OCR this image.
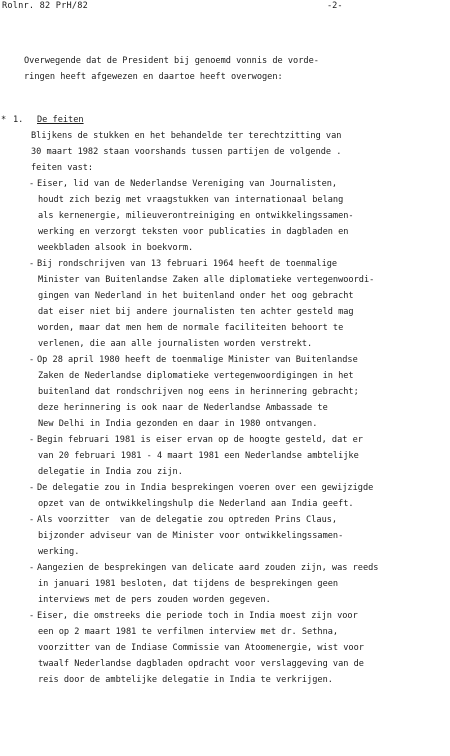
Rolnr. 82 PrH/82	-2-
Overwegende dat de President bij genoemd vonnis de vorde-
ringen heeft afgewezen en daartoe heeft overwogen:
* 1. De feiten
Blijkens de stukken en het behandelde ter terechtzitting van
30 maart 1982 staan voorshands tussen partijen de volgende .
feiten vast:
- Eiser, lid van de Nederlandse Vereniging van Journalisten,
houdt zich bezig met vraagstukken van internationaal belang
als kernenergie, milieuverontreiniging en ontwikkelingssamen-
werking en verzorgt teksten voor publicaties in dagbladen en
weekbladen alsook in boekvorm.
- Bij rondschrijven van 13 februari 1964 heeft de toenmalige
Minister van Buitenlandse Zaken alle diplomatieke vertegenwoordi-
gingen van Nederland in het buitenland onder het oog gebracht
dat eiser niet bij andere journalisten ten achter gesteld mag
worden, maar dat men hem de normale faciliteiten behoort te
verlenen, die aan alle journalisten worden verstrekt.
- Op 28 april 1980 heeft de toenmalige Minister van Buitenlandse
Zaken de Nederlandse diplomatieke vertegenwoordigingen in het
buitenland dat rondschrijven nog eens in herinnering gebracht;
deze herinnering is ook naar de Nederlandse Ambassade te
New Delhi in India gezonden en daar in 1980 ontvangen.
- Begin februari 1981 is eiser ervan op de hoogte gesteld, dat er
van 20 februari 1981 - 4 maart 1981 een Nederlandse ambtelijke
delegatie in India zou zijn.
- De delegatie zou in India besprekingen voeren over een gewijzigde
opzet van de ontwikkelingshulp die Nederland aan India geeft.
- Als voorzitter  van de delegatie zou optreden Prins Claus,
bijzonder adviseur van de Minister voor ontwikkelingssamen-
werking.
- Aangezien de besprekingen van delicate aard zouden zijn, was reeds
in januari 1981 besloten, dat tijdens de besprekingen geen
interviews met de pers zouden worden gegeven.
- Eiser, die omstreeks die periode toch in India moest zijn voor
een op 2 maart 1981 te verfilmen interview met dr. Sethna,
voorzitter van de Indiase Commissie van Atoomenergie, wist voor
twaalf Nederlandse dagbladen opdracht voor verslaggeving van de
reis door de ambtelijke delegatie in India te verkrijgen.
